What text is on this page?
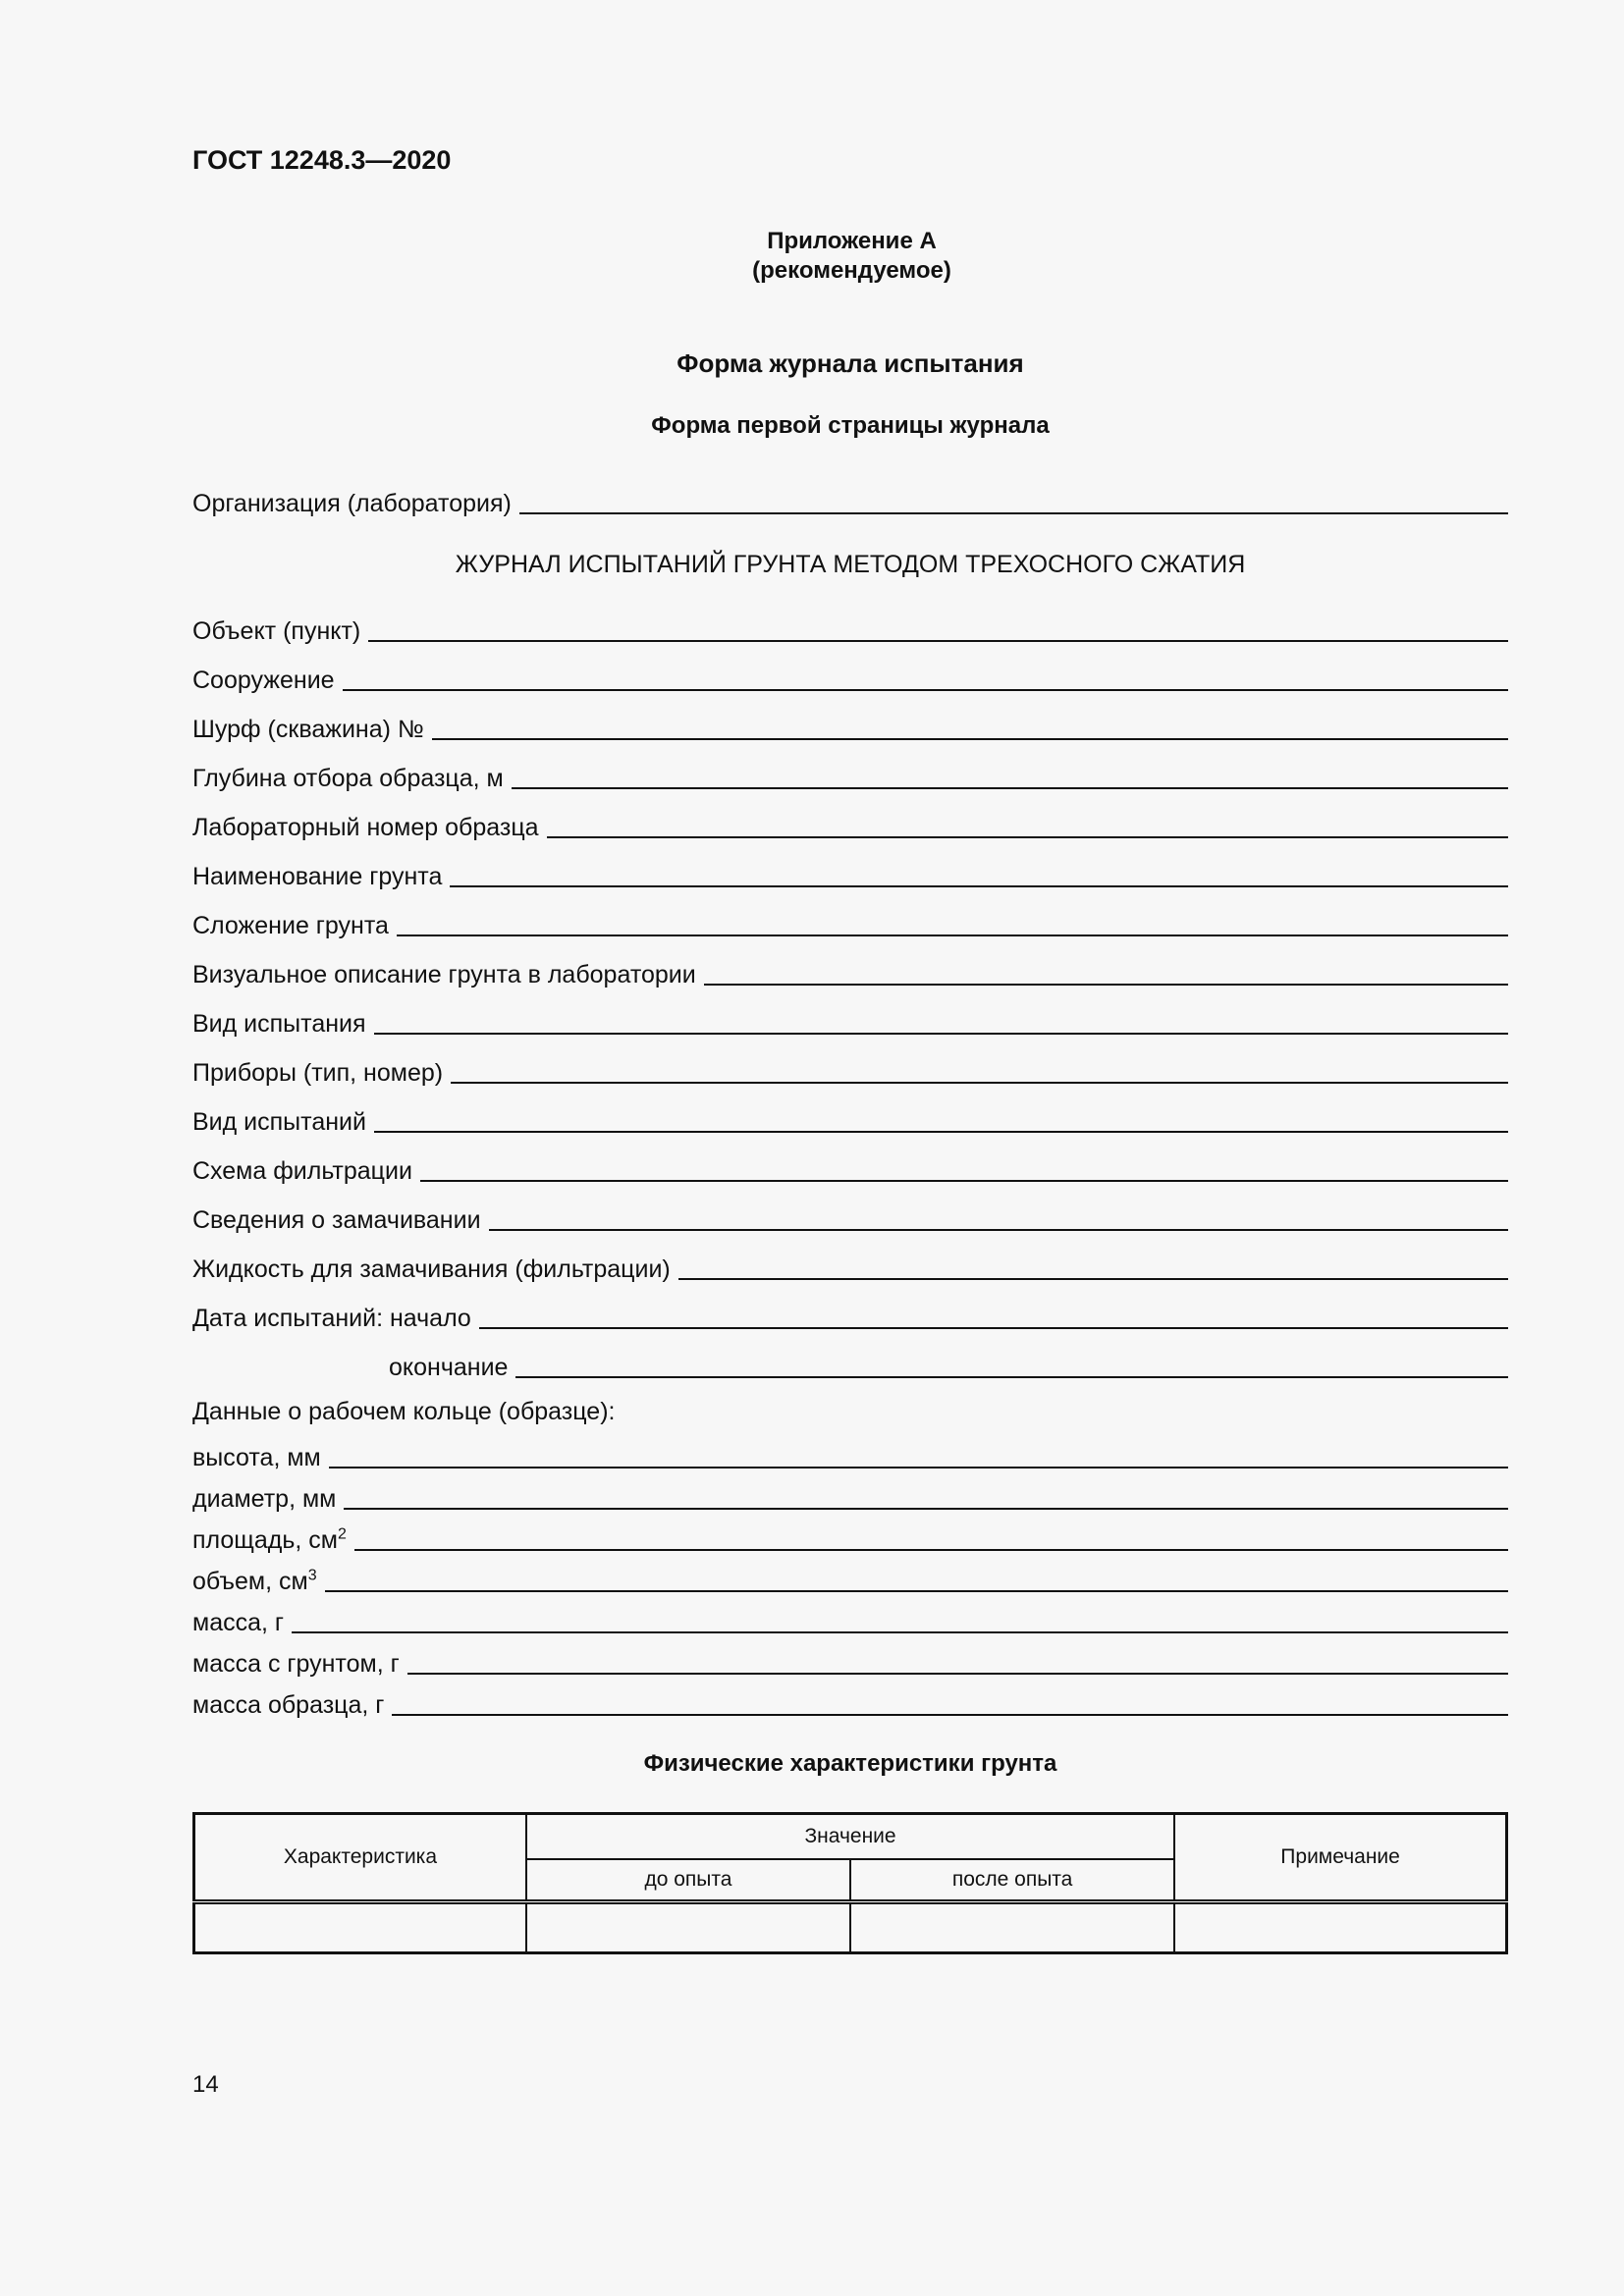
ГОСТ 12248.3—2020
Приложение А
(рекомендуемое)
Форма журнала испытания
Форма первой страницы журнала
Организация (лаборатория)
ЖУРНАЛ ИСПЫТАНИЙ ГРУНТА МЕТОДОМ ТРЕХОСНОГО СЖАТИЯ
Объект (пункт)
Сооружение
Шурф (скважина) №
Глубина отбора образца, м
Лабораторный номер образца
Наименование грунта
Сложение грунта
Визуальное описание грунта в лаборатории
Вид испытания
Приборы (тип, номер)
Вид испытаний
Схема фильтрации
Сведения о замачивании
Жидкость для замачивания (фильтрации)
Дата испытаний: начало
окончание
Данные о рабочем кольце (образце):
высота, мм
диаметр, мм
площадь, $см^2$
объем, $см^3$
масса, г
масса с грунтом, г
масса образца, г
Физические характеристики грунта
Характеристика	Значение		Примечание
	до опыта	после опыта	

14
